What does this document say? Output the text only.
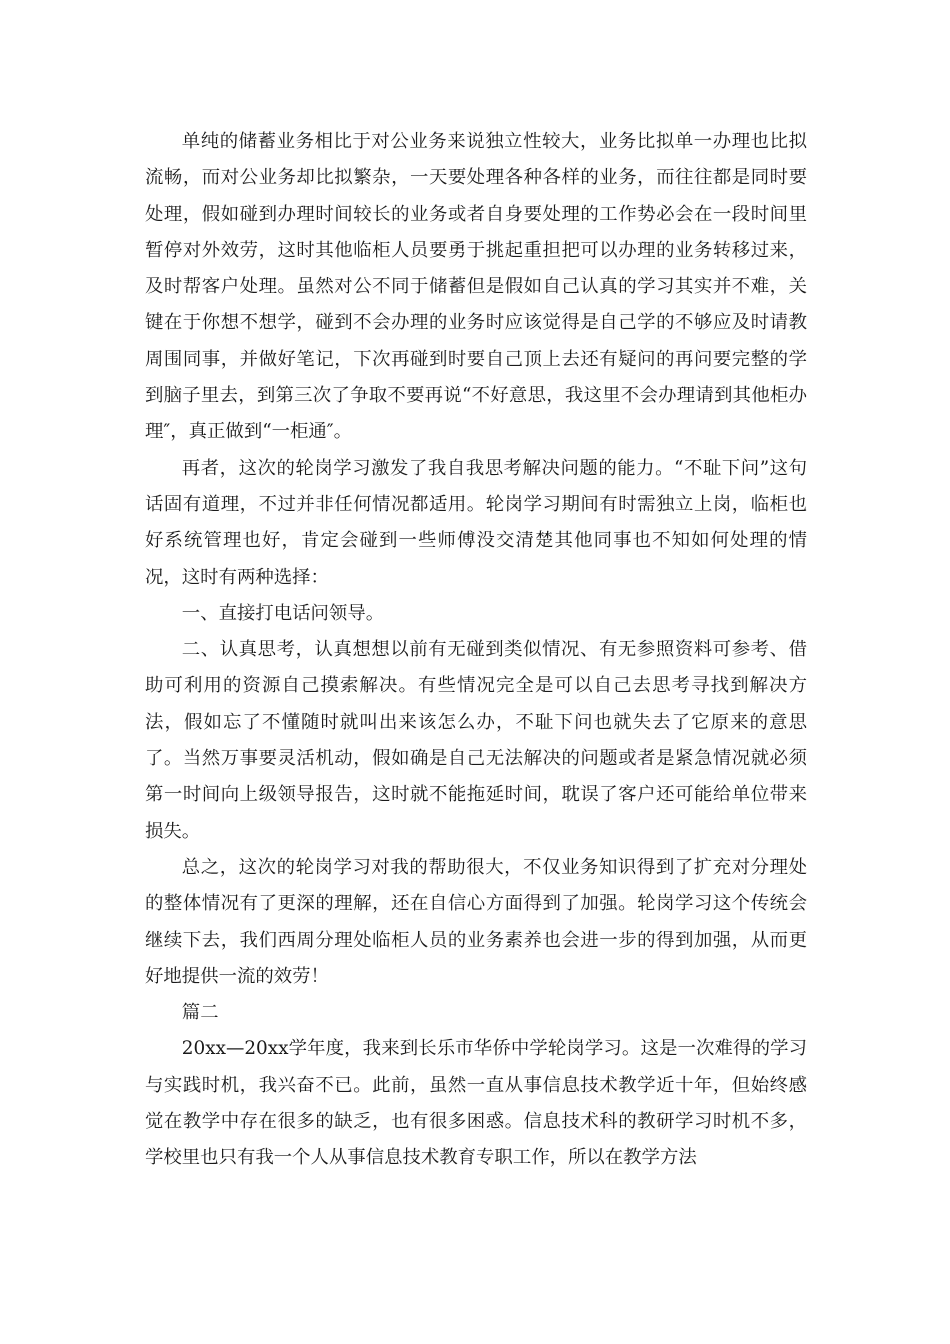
单纯的储蓄业务相比于对公业务来说独立性较大，业务比拟单一办理也比拟流畅，而对公业务却比拟繁杂，一天要处理各种各样的业务，而往往都是同时要处理，假如碰到办理时间较长的业务或者自身要处理的工作势必会在一段时间里暂停对外效劳，这时其他临柜人员要勇于挑起重担把可以办理的业务转移过来，及时帮客户处理。虽然对公不同于储蓄但是假如自己认真的学习其实并不难，关键在于你想不想学，碰到不会办理的业务时应该觉得是自己学的不够应及时请教周围同事，并做好笔记，下次再碰到时要自己顶上去还有疑问的再问要完整的学到脑子里去，到第三次了争取不要再说“不好意思，我这里不会办理请到其他柜办理″，真正做到“一柜通″。

再者，这次的轮岗学习激发了我自我思考解决问题的能力。“不耻下问”这句话固有道理，不过并非任何情况都适用。轮岗学习期间有时需独立上岗，临柜也好系统管理也好，肯定会碰到一些师傅没交清楚其他同事也不知如何处理的情况，这时有两种选择：

一、直接打电话问领导。

二、认真思考，认真想想以前有无碰到类似情况、有无参照资料可参考、借助可利用的资源自己摸索解决。有些情况完全是可以自己去思考寻找到解决方法，假如忘了不懂随时就叫出来该怎么办，不耻下问也就失去了它原来的意思了。当然万事要灵活机动，假如确是自己无法解决的问题或者是紧急情况就必须第一时间向上级领导报告，这时就不能拖延时间，耽误了客户还可能给单位带来损失。

总之，这次的轮岗学习对我的帮助很大，不仅业务知识得到了扩充对分理处的整体情况有了更深的理解，还在自信心方面得到了加强。轮岗学习这个传统会继续下去，我们西周分理处临柜人员的业务素养也会进一步的得到加强，从而更好地提供一流的效劳！

篇二

20xx—20xx学年度，我来到长乐市华侨中学轮岗学习。这是一次难得的学习与实践时机，我兴奋不已。此前，虽然一直从事信息技术教学近十年，但始终感觉在教学中存在很多的缺乏，也有很多困惑。信息技术科的教研学习时机不多，学校里也只有我一个人从事信息技术教育专职工作，所以在教学方法
